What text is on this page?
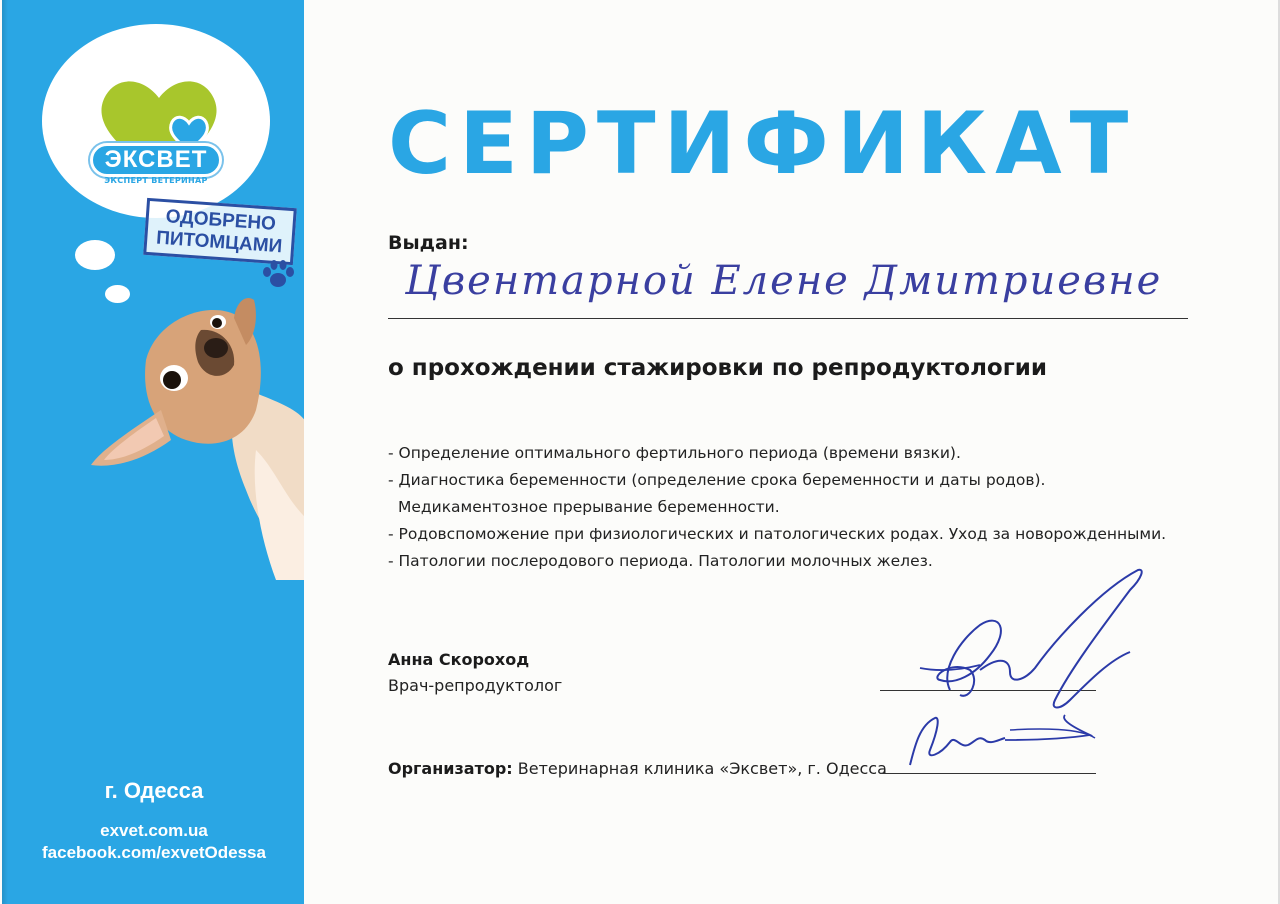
ЭКСВЕТ
ЭКСПЕРТ ВЕТЕРИНАР
ОДОБРЕНО
ПИТОМЦАМИ
г. Одесса
exvet.com.ua
facebook.com/exvetOdessa
СЕРТИФИКАТ
Выдан:
Цвентарной Елене Дмитриевне
о прохождении стажировки по репродуктологии
- Определение оптимального фертильного периода (времени вязки).
- Диагностика беременности (определение срока беременности и даты родов).
Медикаментозное прерывание беременности.
- Родовспоможение при физиологических и патологических родах. Уход за новорожденными.
- Патологии послеродового периода. Патологии молочных желез.
Анна Скороход
Врач-репродуктолог
Организатор: Ветеринарная клиника «Эксвет», г. Одесса
